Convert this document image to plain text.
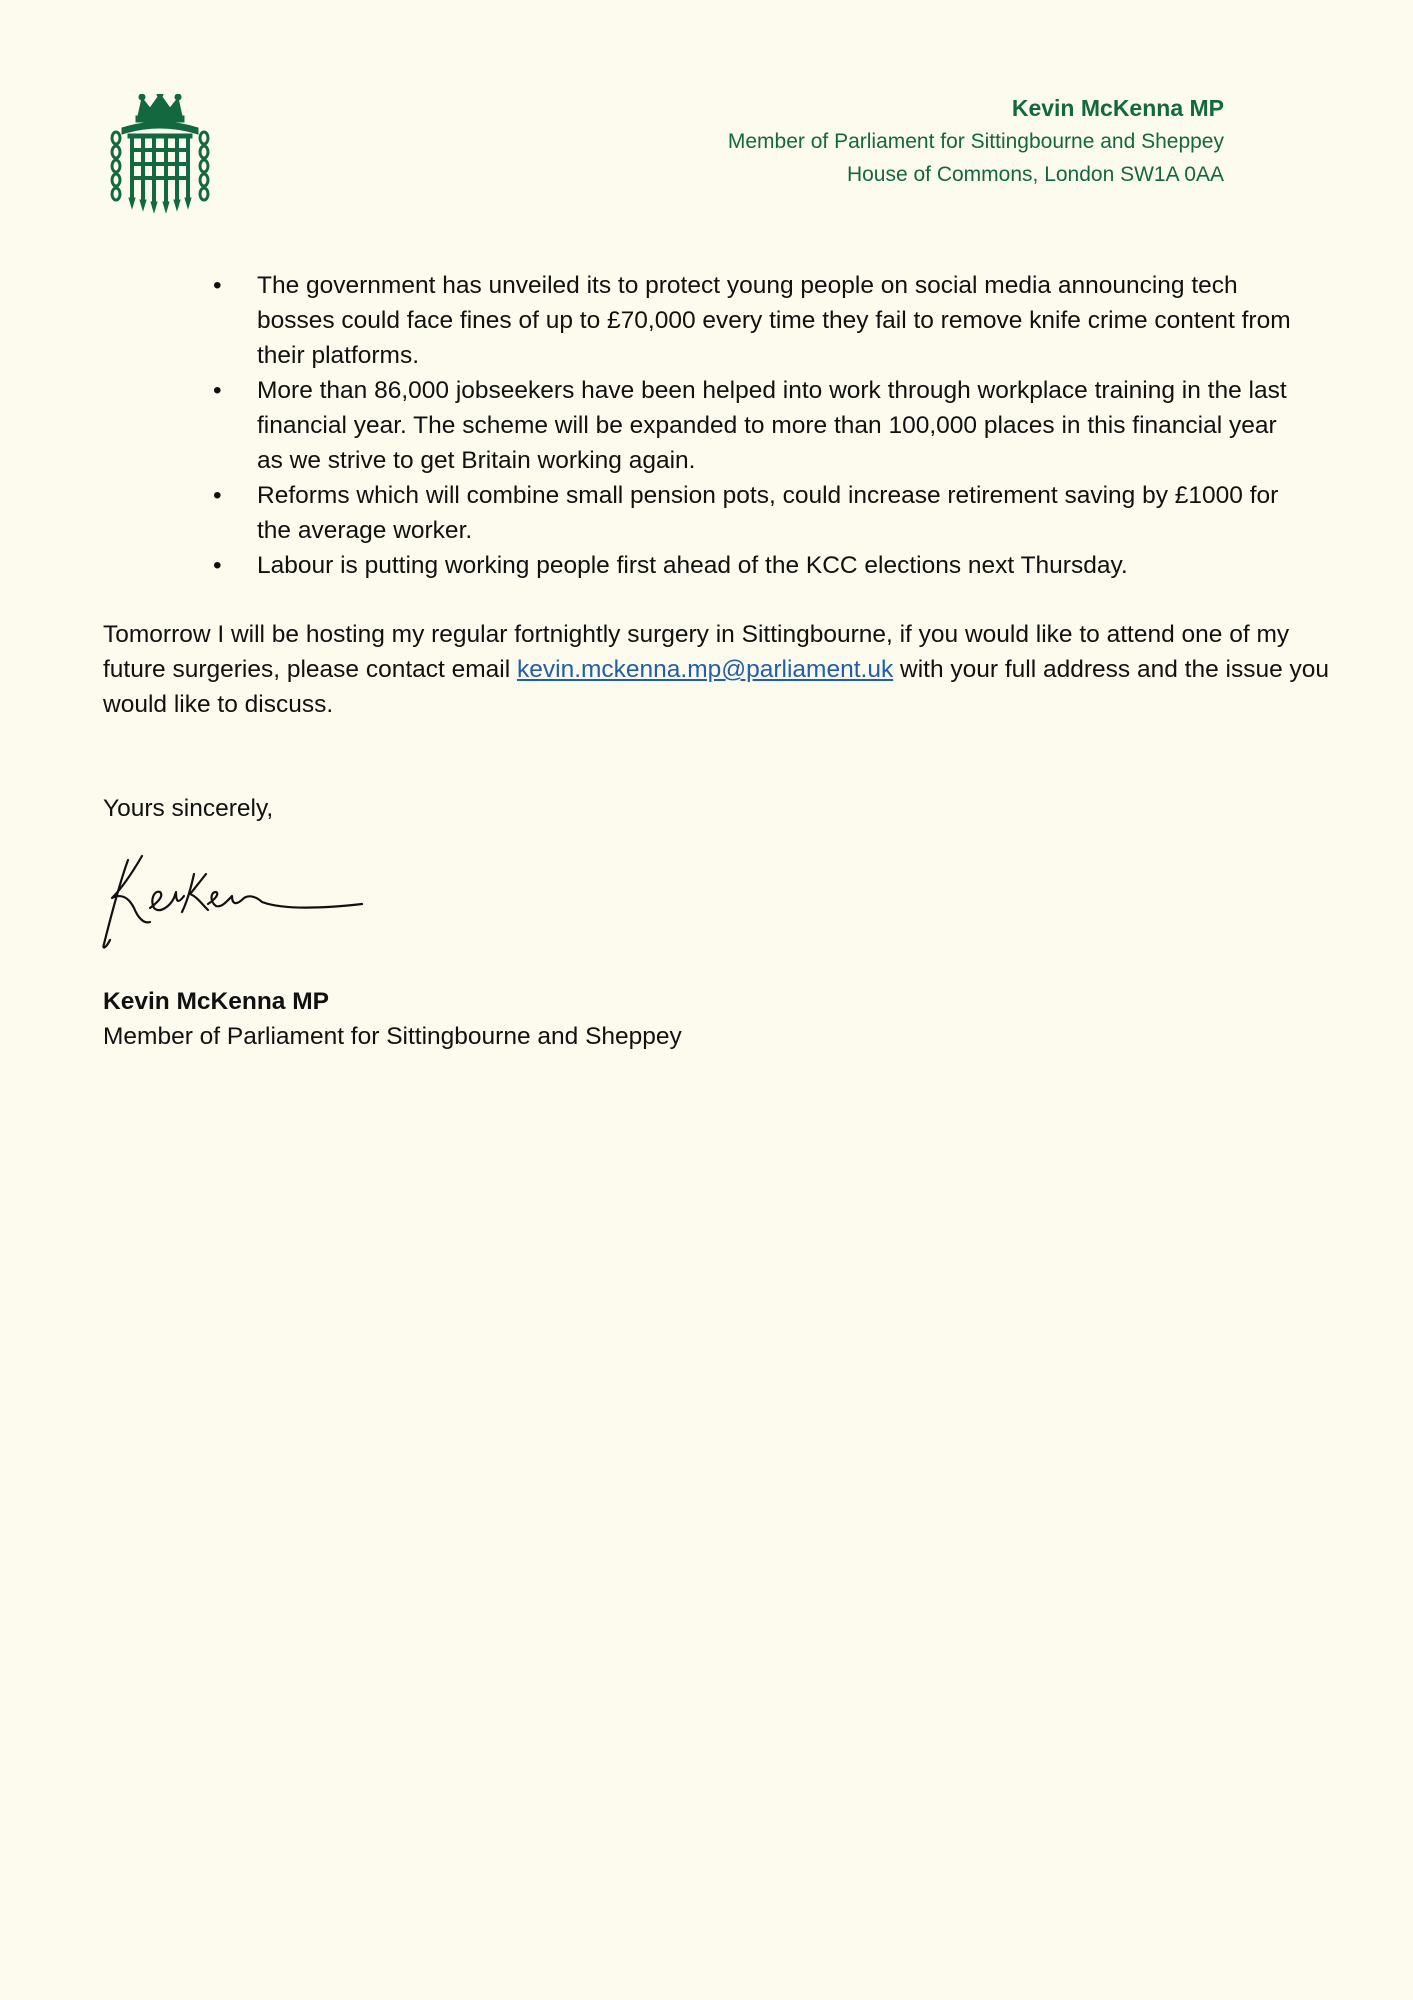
Kevin McKenna MP
Member of Parliament for Sittingbourne and Sheppey
House of Commons, London SW1A 0AA
• The government has unveiled its to protect young people on social media announcing tech bosses could face fines of up to £70,000 every time they fail to remove knife crime content from their platforms.
• More than 86,000 jobseekers have been helped into work through workplace training in the last financial year. The scheme will be expanded to more than 100,000 places in this financial year as we strive to get Britain working again.
• Reforms which will combine small pension pots, could increase retirement saving by £1000 for the average worker.
• Labour is putting working people first ahead of the KCC elections next Thursday.

Tomorrow I will be hosting my regular fortnightly surgery in Sittingbourne, if you would like to attend one of my future surgeries, please contact email kevin.mckenna.mp@parliament.uk with your full address and the issue you would like to discuss.

Yours sincerely,
Kevin McKenna MP
Member of Parliament for Sittingbourne and Sheppey
